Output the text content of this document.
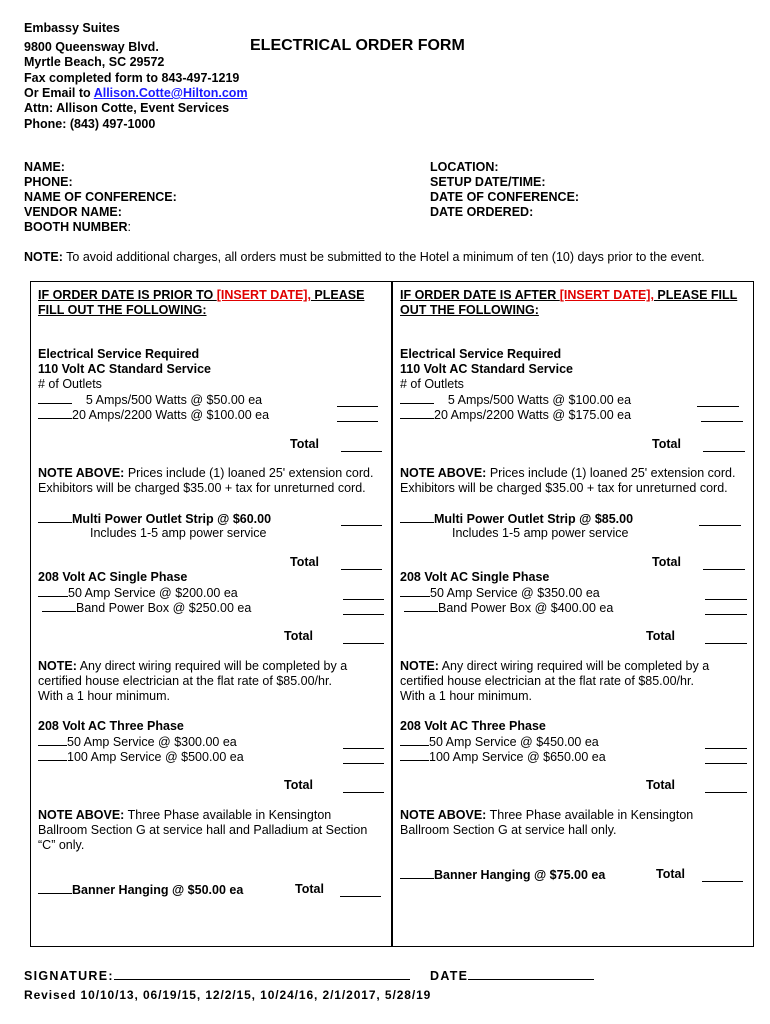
Embassy Suites
9800 Queensway Blvd.	ELECTRICAL ORDER FORM
Myrtle Beach, SC 29572
Fax completed form to 843-497-1219
Or Email to Allison.Cotte@Hilton.com
Attn: Allison Cotte, Event Services
Phone: (843) 497-1000
NAME:
PHONE:
NAME OF CONFERENCE:
VENDOR NAME:
BOOTH NUMBER:
LOCATION:
SETUP DATE/TIME:
DATE OF CONFERENCE:
DATE ORDERED:
NOTE: To avoid additional charges, all orders must be submitted to the Hotel a minimum of ten (10) days prior to the event.
IF ORDER DATE IS PRIOR TO [INSERT DATE], PLEASE
FILL OUT THE FOLLOWING:
Electrical Service Required
110 Volt AC Standard Service
# of Outlets
5 Amps/500 Watts @ $50.00 ea
20 Amps/2200 Watts @ $100.00 ea
Total
NOTE ABOVE: Prices include (1) loaned 25' extension cord.
Exhibitors will be charged $35.00 + tax for unreturned cord.
Multi Power Outlet Strip @ $60.00
Includes 1-5 amp power service
Total
208 Volt AC Single Phase
50 Amp Service @ $200.00 ea
Band Power Box @ $250.00 ea
Total
NOTE: Any direct wiring required will be completed by a
certified house electrician at the flat rate of $85.00/hr.
With a 1 hour minimum.
208 Volt AC Three Phase
50 Amp Service @ $300.00 ea
100 Amp Service @ $500.00 ea
Total
NOTE ABOVE: Three Phase available in Kensington
Ballroom Section G at service hall and Palladium at Section
“C” only.
Banner Hanging @ $50.00 ea	Total
IF ORDER DATE IS AFTER [INSERT DATE], PLEASE FILL
OUT THE FOLLOWING:
Electrical Service Required
110 Volt AC Standard Service
# of Outlets
5 Amps/500 Watts @ $100.00 ea
20 Amps/2200 Watts @ $175.00 ea
Total
NOTE ABOVE: Prices include (1) loaned 25' extension cord.
Exhibitors will be charged $35.00 + tax for unreturned cord.
Multi Power Outlet Strip @ $85.00
Includes 1-5 amp power service
Total
208 Volt AC Single Phase
50 Amp Service @ $350.00 ea
Band Power Box @ $400.00 ea
Total
NOTE: Any direct wiring required will be completed by a
certified house electrician at the flat rate of $85.00/hr.
With a 1 hour minimum.
208 Volt AC Three Phase
50 Amp Service @ $450.00 ea
100 Amp Service @ $650.00 ea
Total
NOTE ABOVE: Three Phase available in Kensington
Ballroom Section G at service hall only.
Banner Hanging @ $75.00 ea	Total
SIGNATURE:	DATE
Revised 10/10/13, 06/19/15, 12/2/15, 10/24/16, 2/1/2017, 5/28/19
